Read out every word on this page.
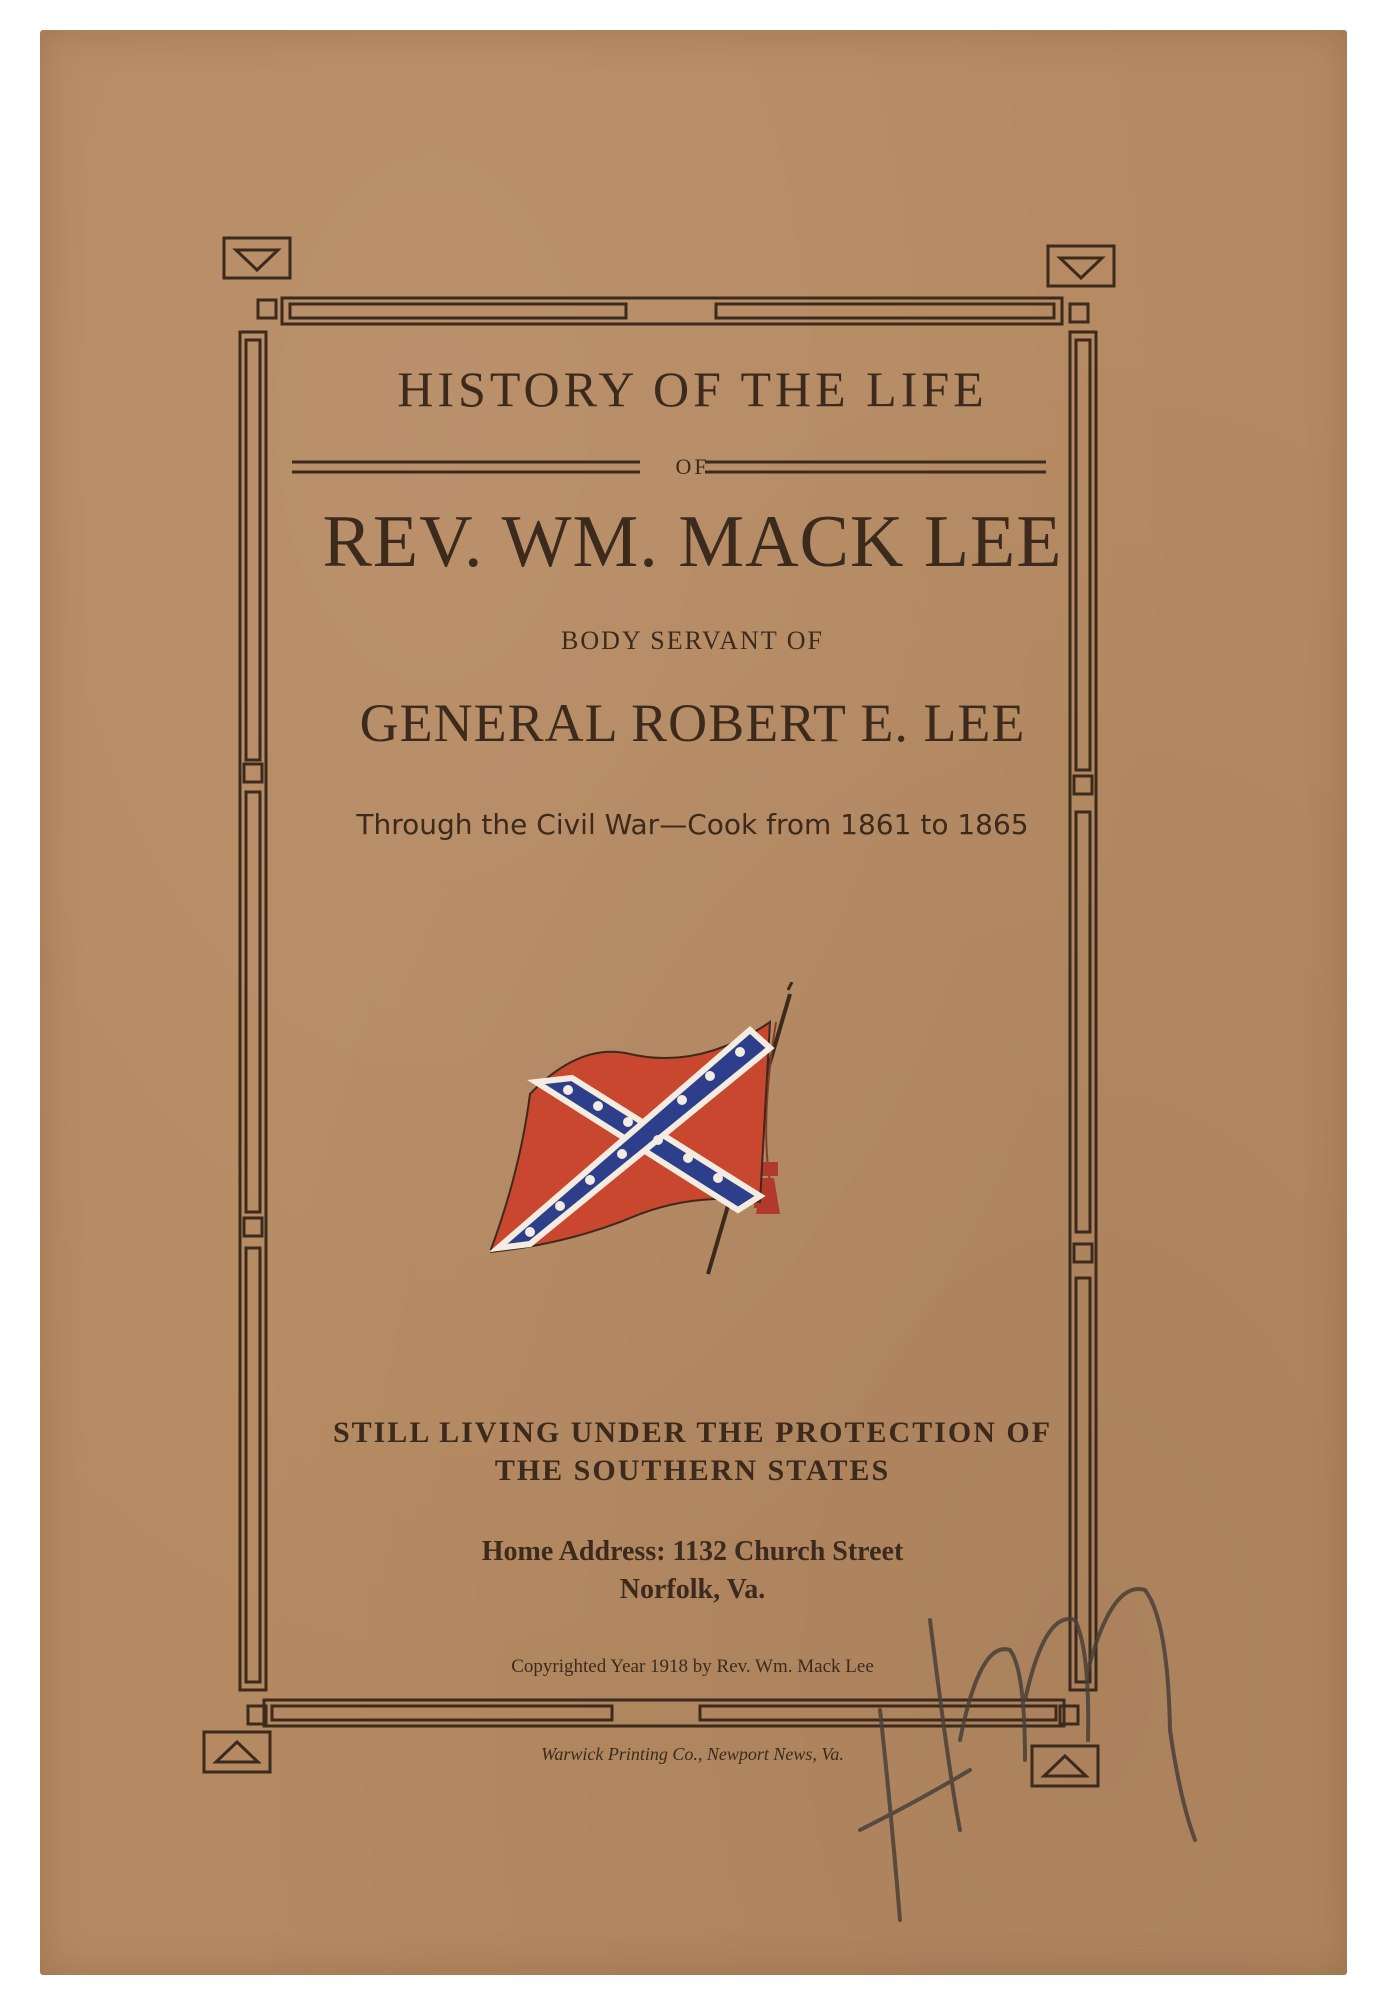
HISTORY OF THE LIFE
OF
REV. WM. MACK LEE
BODY SERVANT OF
GENERAL ROBERT E. LEE
Through the Civil War—Cook from 1861 to 1865
STILL LIVING UNDER THE PROTECTION OF
THE SOUTHERN STATES
Home Address: 1132 Church Street
Norfolk, Va.
Copyrighted Year 1918 by Rev. Wm. Mack Lee
Warwick Printing Co., Newport News, Va.
